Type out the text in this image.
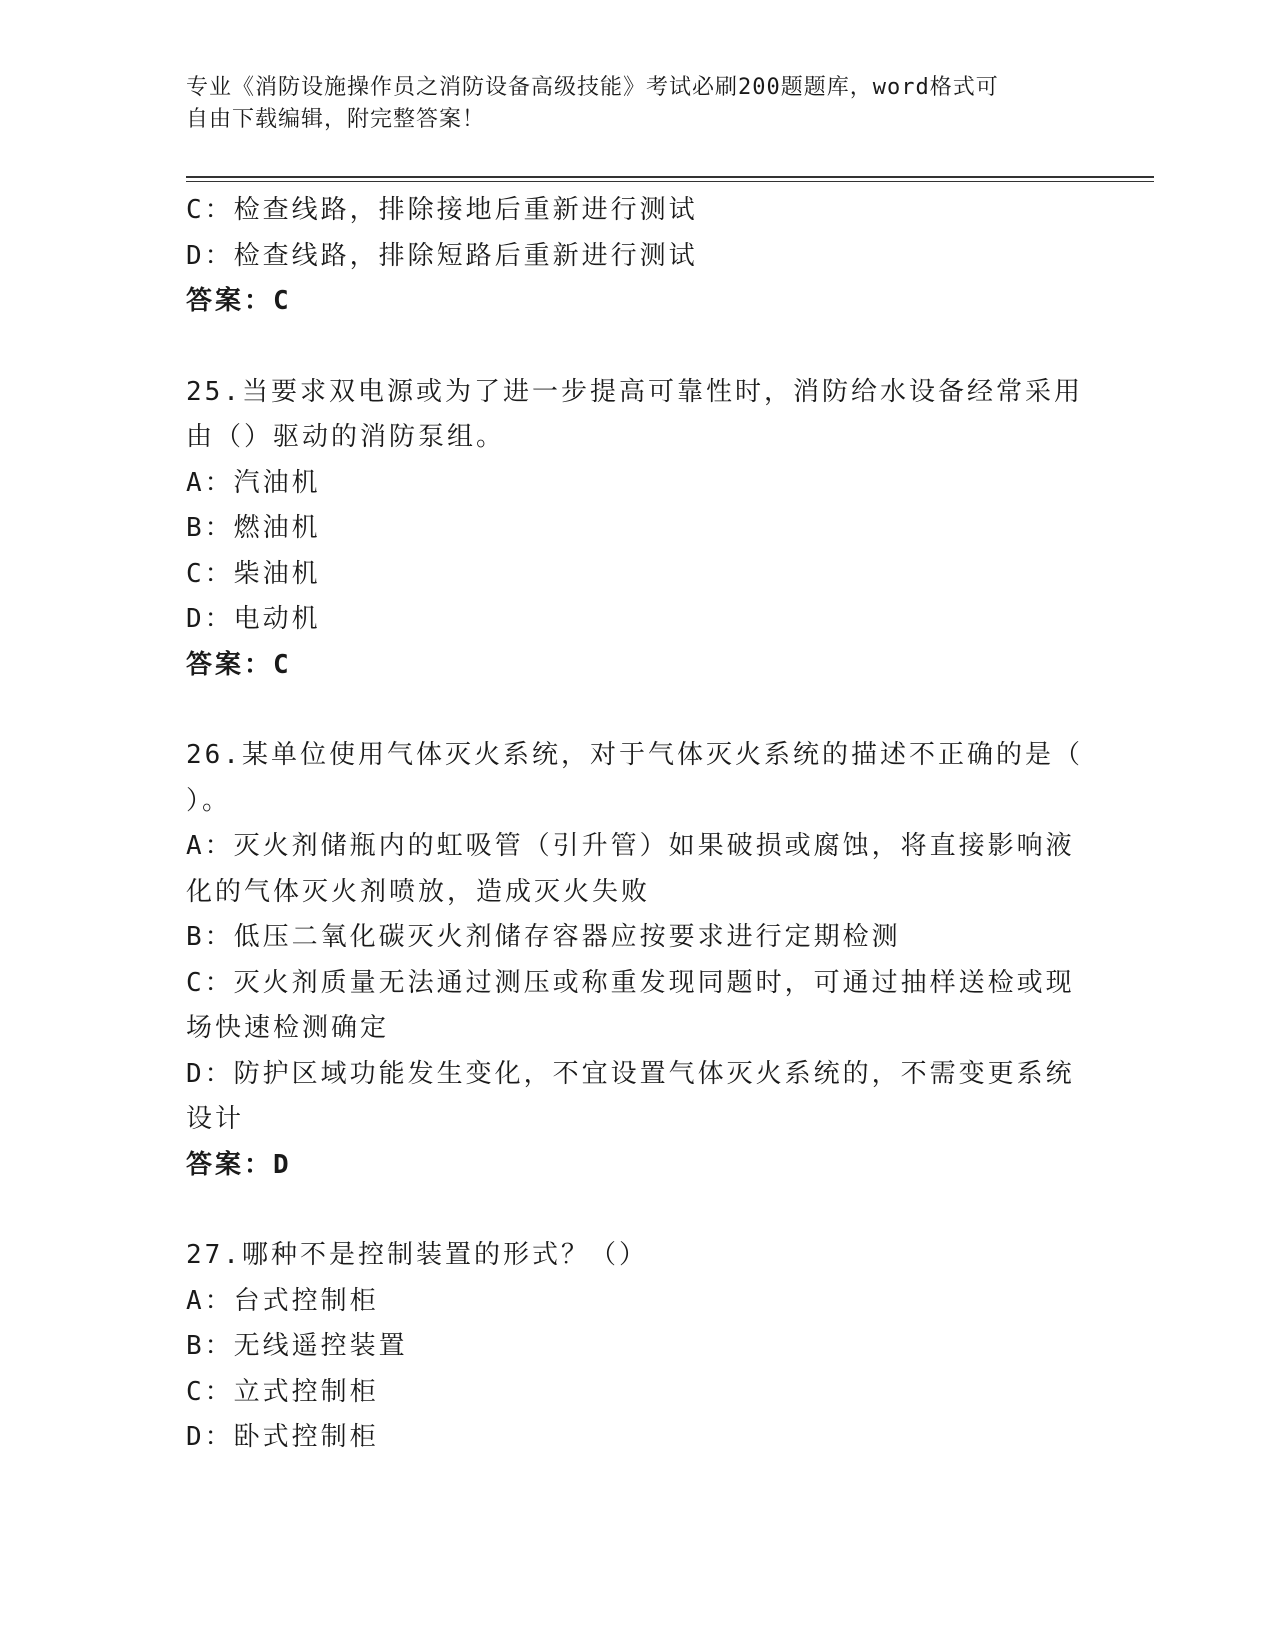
专业《消防设施操作员之消防设备高级技能》考试必刷200题题库，word格式可
自由下载编辑，附完整答案！
C：检查线路，排除接地后重新进行测试
D：检查线路，排除短路后重新进行测试
答案：C
25.当要求双电源或为了进一步提高可靠性时，消防给水设备经常采用
由（）驱动的消防泵组。
A：汽油机
B：燃油机
C：柴油机
D：电动机
答案：C
26.某单位使用气体灭火系统，对于气体灭火系统的描述不正确的是（
）。
A：灭火剂储瓶内的虹吸管（引升管）如果破损或腐蚀，将直接影响液
化的气体灭火剂喷放，造成灭火失败
B：低压二氧化碳灭火剂储存容器应按要求进行定期检测
C：灭火剂质量无法通过测压或称重发现同题时，可通过抽样送检或现
场快速检测确定
D：防护区域功能发生变化，不宜设置气体灭火系统的，不需变更系统
设计
答案：D
27.哪种不是控制装置的形式？（）
A：台式控制柜
B：无线遥控装置
C：立式控制柜
D：卧式控制柜
